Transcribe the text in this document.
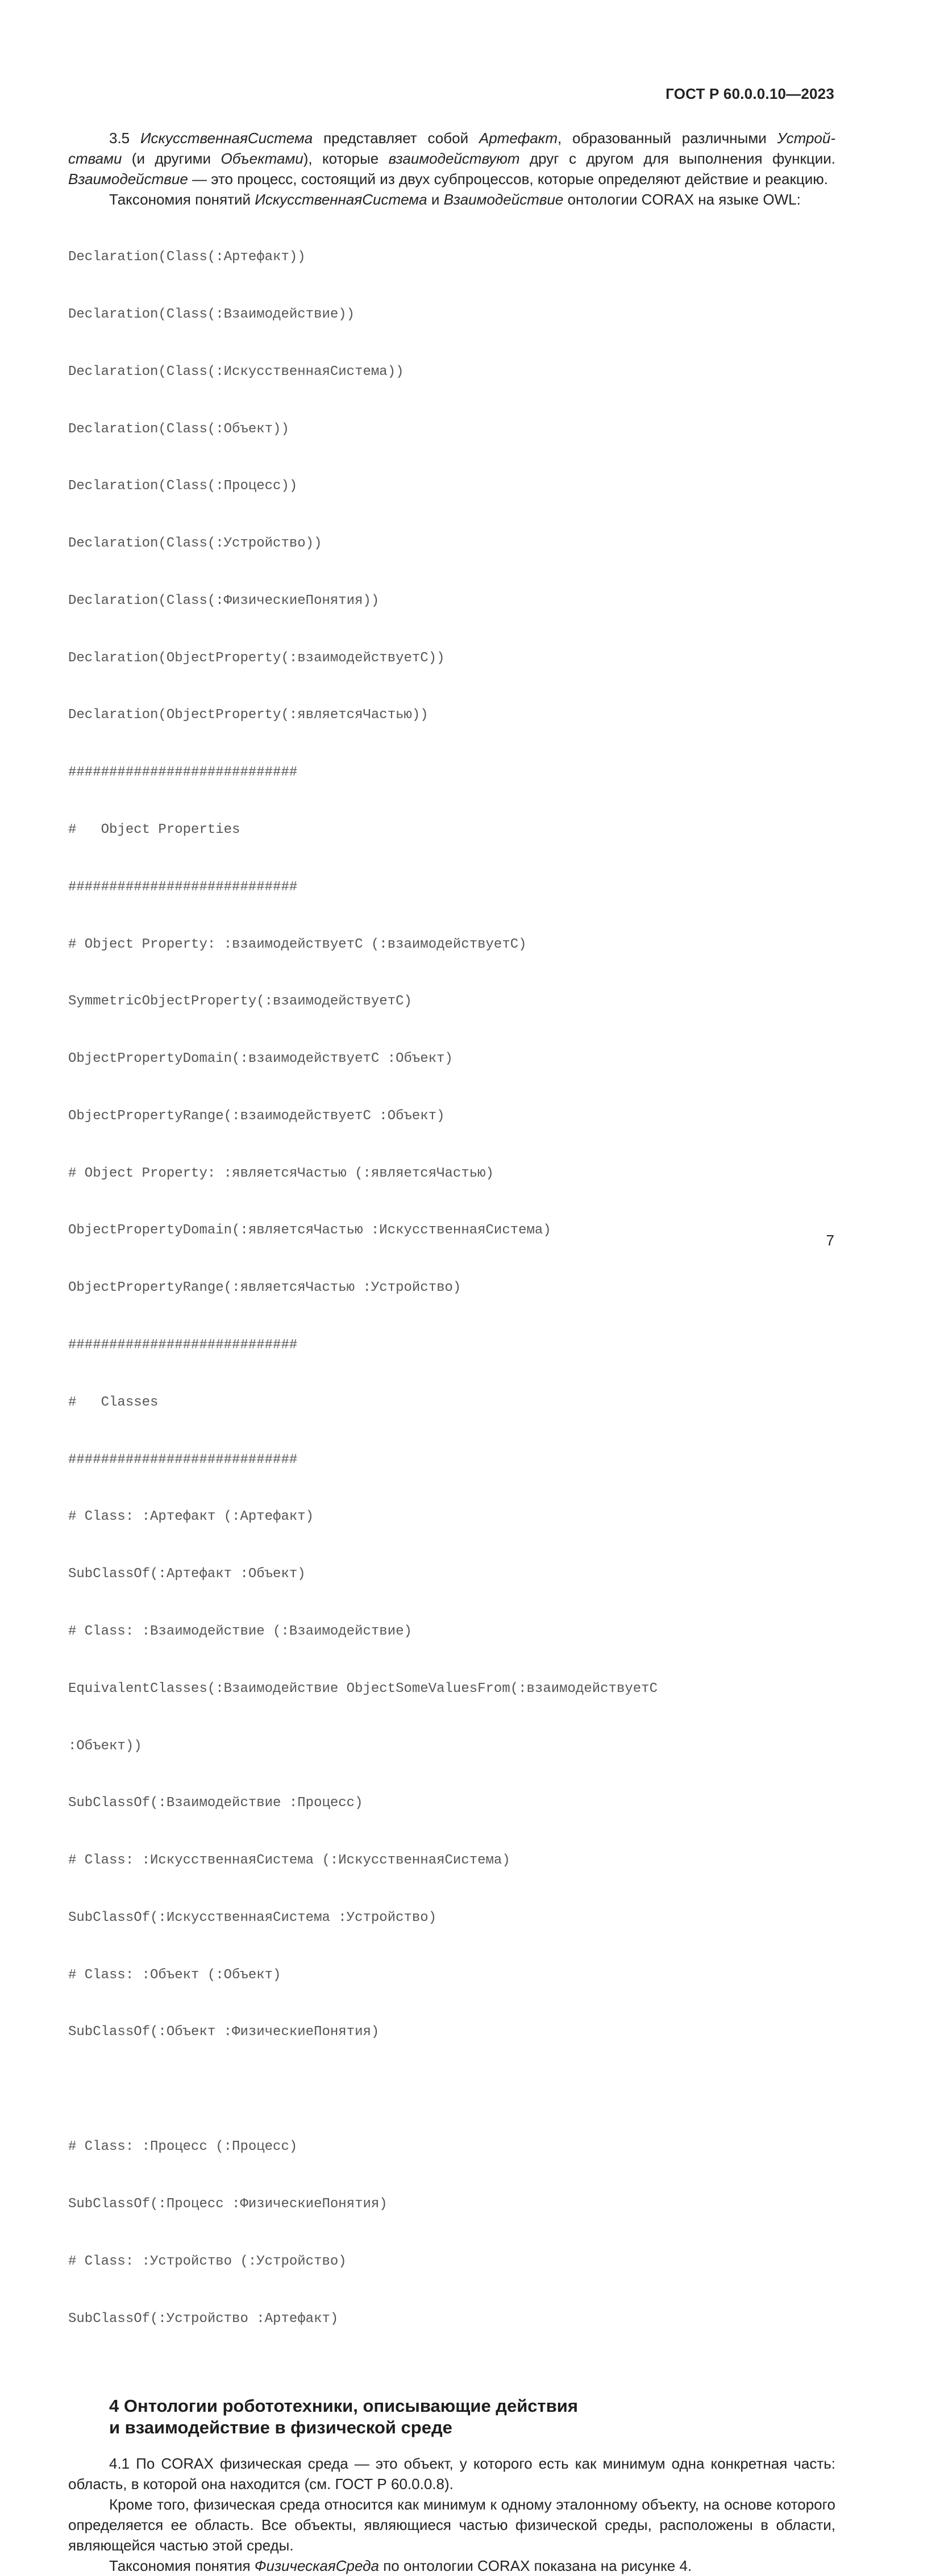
ГОСТ Р 60.0.0.10—2023

3.5 ИскусственнаяСистема представляет собой Артефакт, образованный различными Устрой-ствами (и другими Объектами), которые взаимодействуют друг с другом для выполнения функции. Взаимодействие — это процесс, состоящий из двух субпроцессов, которые определяют действие и реакцию.

Таксономия понятий ИскусственнаяСистема и Взаимодействие онтологии CORAX на языке OWL:

Declaration(Class(:Артефакт))

Declaration(Class(:Взаимодействие))

Declaration(Class(:ИскусственнаяСистема))

Declaration(Class(:Объект))

Declaration(Class(:Процесс))

Declaration(Class(:Устройство))

Declaration(Class(:ФизическиеПонятия))

Declaration(ObjectProperty(:взаимодействуетС))

Declaration(ObjectProperty(:являетсяЧастью))

############################

#   Object Properties

############################

# Object Property: :взаимодействуетС (:взаимодействуетС)

SymmetricObjectProperty(:взаимодействуетС)

ObjectPropertyDomain(:взаимодействуетС :Объект)

ObjectPropertyRange(:взаимодействуетС :Объект)

# Object Property: :являетсяЧастью (:являетсяЧастью)

ObjectPropertyDomain(:являетсяЧастью :ИскусственнаяСистема)

ObjectPropertyRange(:являетсяЧастью :Устройство)

############################

#   Classes

############################

# Class: :Артефакт (:Артефакт)

SubClassOf(:Артефакт :Объект)

# Class: :Взаимодействие (:Взаимодействие)

EquivalentClasses(:Взаимодействие ObjectSomeValuesFrom(:взаимодействуетС

:Объект))

SubClassOf(:Взаимодействие :Процесс)

# Class: :ИскусственнаяСистема (:ИскусственнаяСистема)

SubClassOf(:ИскусственнаяСистема :Устройство)

# Class: :Объект (:Объект)

SubClassOf(:Объект :ФизическиеПонятия)

# Class: :Процесс (:Процесс)

SubClassOf(:Процесс :ФизическиеПонятия)

# Class: :Устройство (:Устройство)

SubClassOf(:Устройство :Артефакт)

4 Онтологии робототехники, описывающие действия
и взаимодействие в физической среде

4.1 По CORAX физическая среда — это объект, у которого есть как минимум одна конкретная часть: область, в которой она находится (см. ГОСТ Р 60.0.0.8).

Кроме того, физическая среда относится как минимум к одному эталонному объекту, на основе которого определяется ее область. Все объекты, являющиеся частью физической среды, расположены в области, являющейся частью этой среды.

Таксономия понятия ФизическаяСреда по онтологии CORAX показана на рисунке 4.

7
